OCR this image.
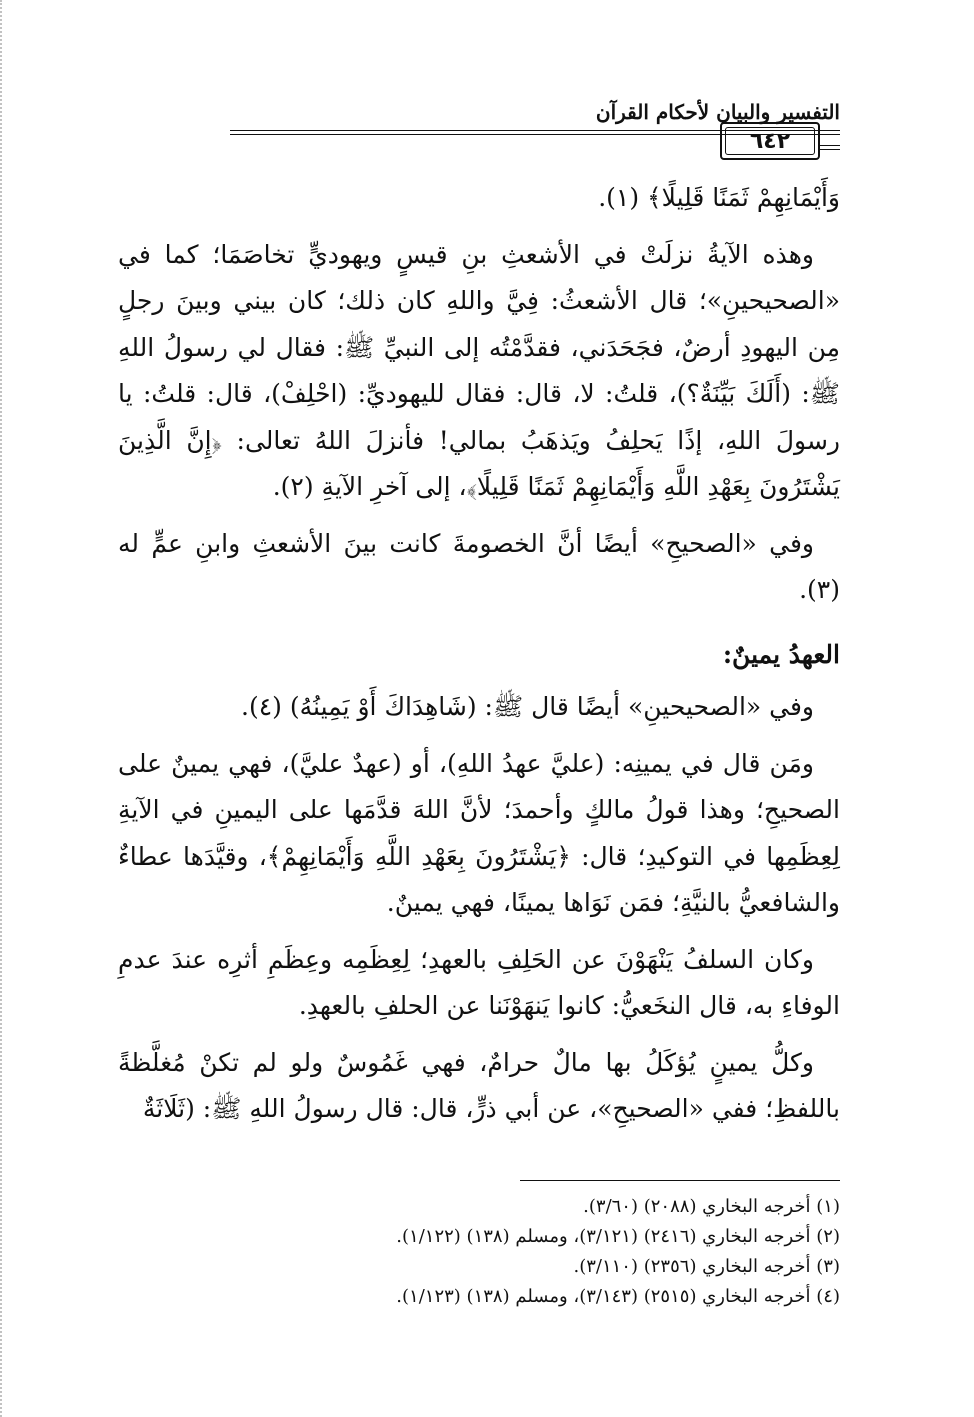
التفسير والبيان لأحكام القرآن
٦٤٢

وَأَيْمَانِهِمْ ثَمَنًا قَلِيلًا﴾ (١).

وهذه الآيةُ نزلَتْ في الأشعثِ بنِ قيسٍ ويهوديٍّ تخاصَمَا؛ كما في «الصحيحينِ»؛ قال الأشعثُ: فِيَّ واللهِ كان ذلك؛ كان بيني وبينَ رجلٍ مِن اليهودِ أرضٌ، فجَحَدَني، فقدَّمْتُه إلى النبيِّ ﷺ: فقال لي رسولُ اللهِ ﷺ: (أَلَكَ بَيِّنَةٌ؟)، قلتُ: لا، قال: فقال لليهوديِّ: (احْلِفْ)، قال: قلتُ: يا رسولَ اللهِ، إذًا يَحلِفُ ويَذهَبُ بمالي! فأنزلَ اللهُ تعالى: ﴿إِنَّ الَّذِينَ يَشْتَرُونَ بِعَهْدِ اللَّهِ وَأَيْمَانِهِمْ ثَمَنًا قَلِيلًا﴾، إلى آخرِ الآيةِ (٢).

وفي «الصحيحِ» أيضًا أنَّ الخصومةَ كانت بينَ الأشعثِ وابنِ عمٍّ له (٣).

العهدُ يمينٌ:

وفي «الصحيحينِ» أيضًا قال ﷺ: (شَاهِدَاكَ أَوْ يَمِينُهُ) (٤).

ومَن قال في يمينِه: (عليَّ عهدُ اللهِ)، أو (عهدٌ عليَّ)، فهي يمينٌ على الصحيحِ؛ وهذا قولُ مالكٍ وأحمدَ؛ لأنَّ اللهَ قدَّمَها على اليمينِ في الآيةِ لِعِظَمِها في التوكيدِ؛ قال: ﴿يَشْتَرُونَ بِعَهْدِ اللَّهِ وَأَيْمَانِهِمْ﴾، وقيَّدَها عطاءٌ والشافعيُّ بالنيَّةِ؛ فمَن نَوَاها يمينًا، فهي يمينٌ.

وكان السلفُ يَنْهَوْنَ عن الحَلِفِ بالعهدِ؛ لِعِظَمِه وعِظَمِ أثرِه عندَ عدمِ الوفاءِ به، قال النخَعيُّ: كانوا يَنهَوْنَنا عن الحلفِ بالعهدِ.

وكلُّ يمينٍ يُؤكَلُ بها مالٌ حرامٌ، فهي غَمُوسٌ ولو لم تكنْ مُغلَّظةً باللفظِ؛ ففي «الصحيحِ»، عن أبي ذرٍّ، قال: قال رسولُ اللهِ ﷺ: (ثَلَاثَةٌ

(١) أخرجه البخاري (٢٠٨٨) (٣/٦٠).

(٢) أخرجه البخاري (٢٤١٦) (٣/١٢١)، ومسلم (١٣٨) (١/١٢٢).

(٣) أخرجه البخاري (٢٣٥٦) (٣/١١٠).

(٤) أخرجه البخاري (٢٥١٥) (٣/١٤٣)، ومسلم (١٣٨) (١/١٢٣).
